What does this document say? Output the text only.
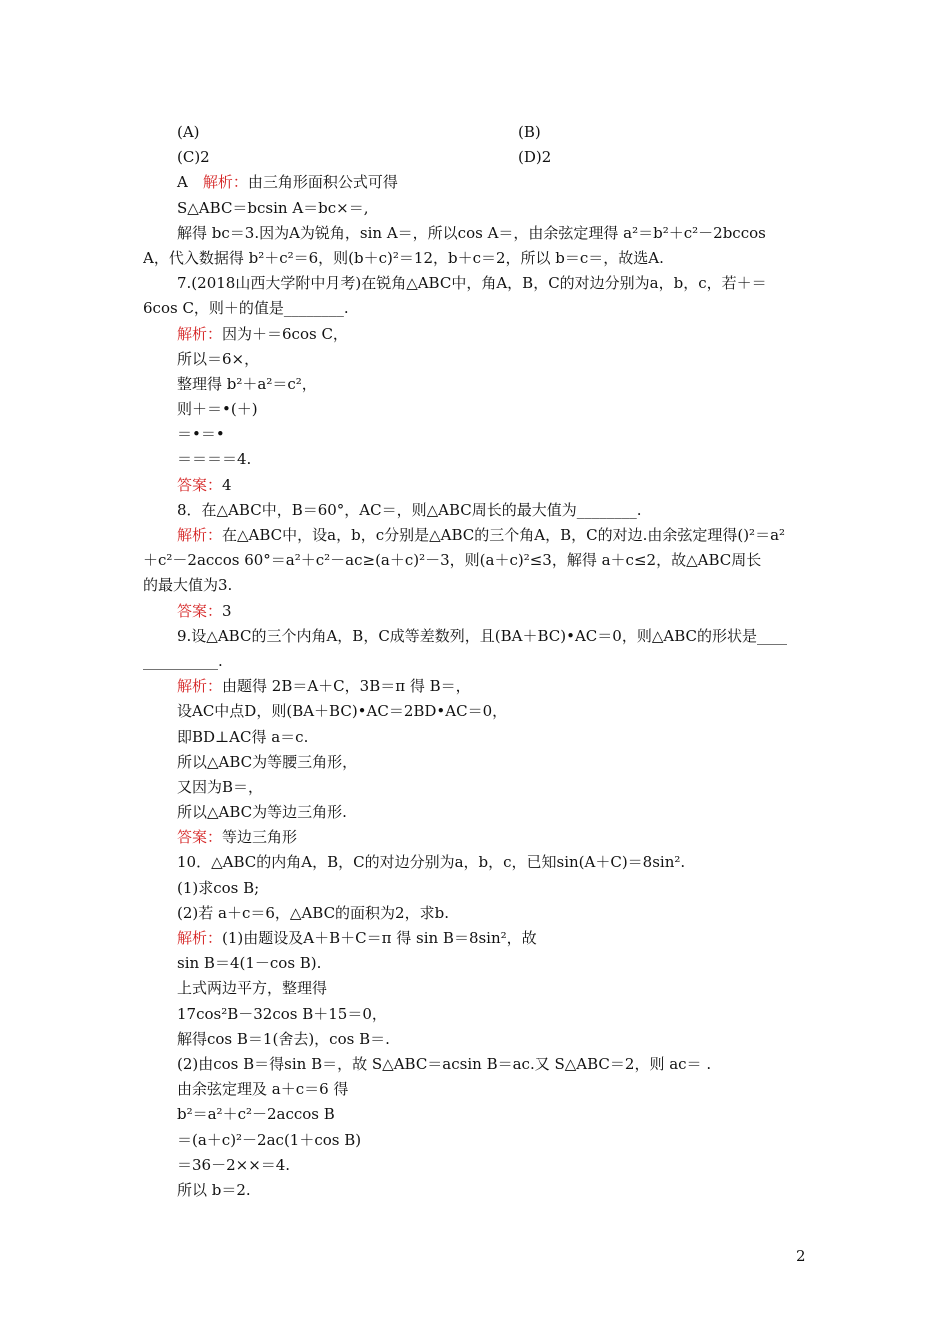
(A)	(B)
(C)2	(D)2
A　解析：由三角形面积公式可得
S△ABC＝bcsin A＝bc×＝,
解得 bc＝3.因为A为锐角，sin A＝，所以cos A＝，由余弦定理得 a²＝b²＋c²－2bccos
A，代入数据得 b²＋c²＝6，则(b＋c)²＝12，b＋c＝2，所以 b＝c＝，故选A.
7.(2018山西大学附中月考)在锐角△ABC中，角A，B，C的对边分别为a，b，c，若＋＝
6cos C，则＋的值是________.
解析：因为＋＝6cos C，
所以＝6×，
整理得 b²＋a²＝c²，
则＋＝•(＋)
＝•＝•
＝＝＝＝4.
答案：4
8．在△ABC中，B＝60°，AC＝，则△ABC周长的最大值为________.
解析：在△ABC中，设a，b，c分别是△ABC的三个角A，B，C的对边.由余弦定理得()²＝a²
＋c²－2accos 60°＝a²＋c²－ac≥(a＋c)²－3，则(a＋c)²≤3，解得 a＋c≤2，故△ABC周长
的最大值为3.
答案：3
9.设△ABC的三个内角A，B，C成等差数列，且(BA＋BC)•AC＝0，则△ABC的形状是____
__________.
解析：由题得 2B＝A＋C，3B＝π 得 B＝，
设AC中点D，则(BA＋BC)•AC＝2BD•AC＝0，
即BD⊥AC得 a＝c.
所以△ABC为等腰三角形，
又因为B＝，
所以△ABC为等边三角形.
答案：等边三角形
10．△ABC的内角A，B，C的对边分别为a，b，c，已知sin(A＋C)＝8sin².
(1)求cos B;
(2)若 a＋c＝6，△ABC的面积为2，求b.
解析：(1)由题设及A＋B＋C＝π 得 sin B＝8sin²，故
sin B＝4(1－cos B).
上式两边平方，整理得
17cos²B－32cos B＋15＝0，
解得cos B＝1(舍去)，cos B＝.
(2)由cos B＝得sin B＝，故 S△ABC＝acsin B＝ac.又 S△ABC＝2，则 ac＝ .
由余弦定理及 a＋c＝6 得
b²＝a²＋c²－2accos B
＝(a＋c)²－2ac(1＋cos B)
＝36－2××＝4.
所以 b＝2.
2
